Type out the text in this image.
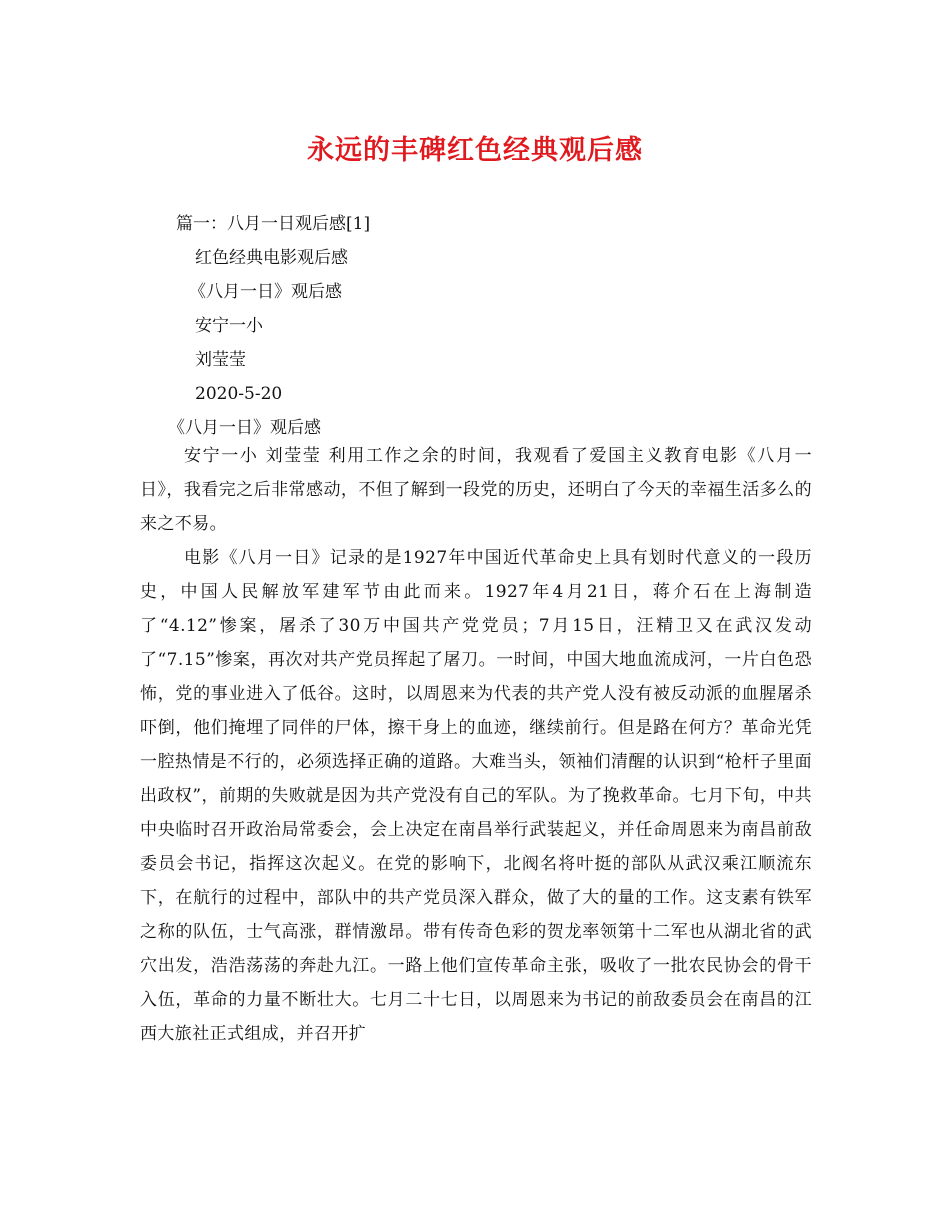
永远的丰碑红色经典观后感
篇一：八月一日观后感[1]
红色经典电影观后感
《八月一日》观后感
安宁一小
刘莹莹
2020-5-20
《八月一日》观后感

安宁一小 刘莹莹 利用工作之余的时间，我观看了爱国主义教育电影《八月一日》，我看完之后非常感动，不但了解到一段党的历史，还明白了今天的幸福生活多么的来之不易。

电影《八月一日》记录的是1927年中国近代革命史上具有划时代意义的一段历史，中国人民解放军建军节由此而来。1927年4月21日，蒋介石在上海制造了“4.12”惨案，屠杀了30万中国共产党党员；7月15日，汪精卫又在武汉发动了“7.15”惨案，再次对共产党员挥起了屠刀。一时间，中国大地血流成河，一片白色恐怖，党的事业进入了低谷。这时，以周恩来为代表的共产党人没有被反动派的血腥屠杀吓倒，他们掩埋了同伴的尸体，擦干身上的血迹，继续前行。但是路在何方？革命光凭一腔热情是不行的，必须选择正确的道路。大难当头，领袖们清醒的认识到“枪杆子里面出政权”，前期的失败就是因为共产党没有自己的军队。为了挽救革命。七月下旬，中共中央临时召开政治局常委会，会上决定在南昌举行武装起义，并任命周恩来为南昌前敌委员会书记，指挥这次起义。在党的影响下，北阀名将叶挺的部队从武汉乘江顺流东下，在航行的过程中，部队中的共产党员深入群众，做了大的量的工作。这支素有铁军之称的队伍，士气高涨，群情激昂。带有传奇色彩的贺龙率领第十二军也从湖北省的武穴出发，浩浩荡荡的奔赴九江。一路上他们宣传革命主张，吸收了一批农民协会的骨干入伍，革命的力量不断壮大。七月二十七日，以周恩来为书记的前敌委员会在南昌的江西大旅社正式组成，并召开扩
